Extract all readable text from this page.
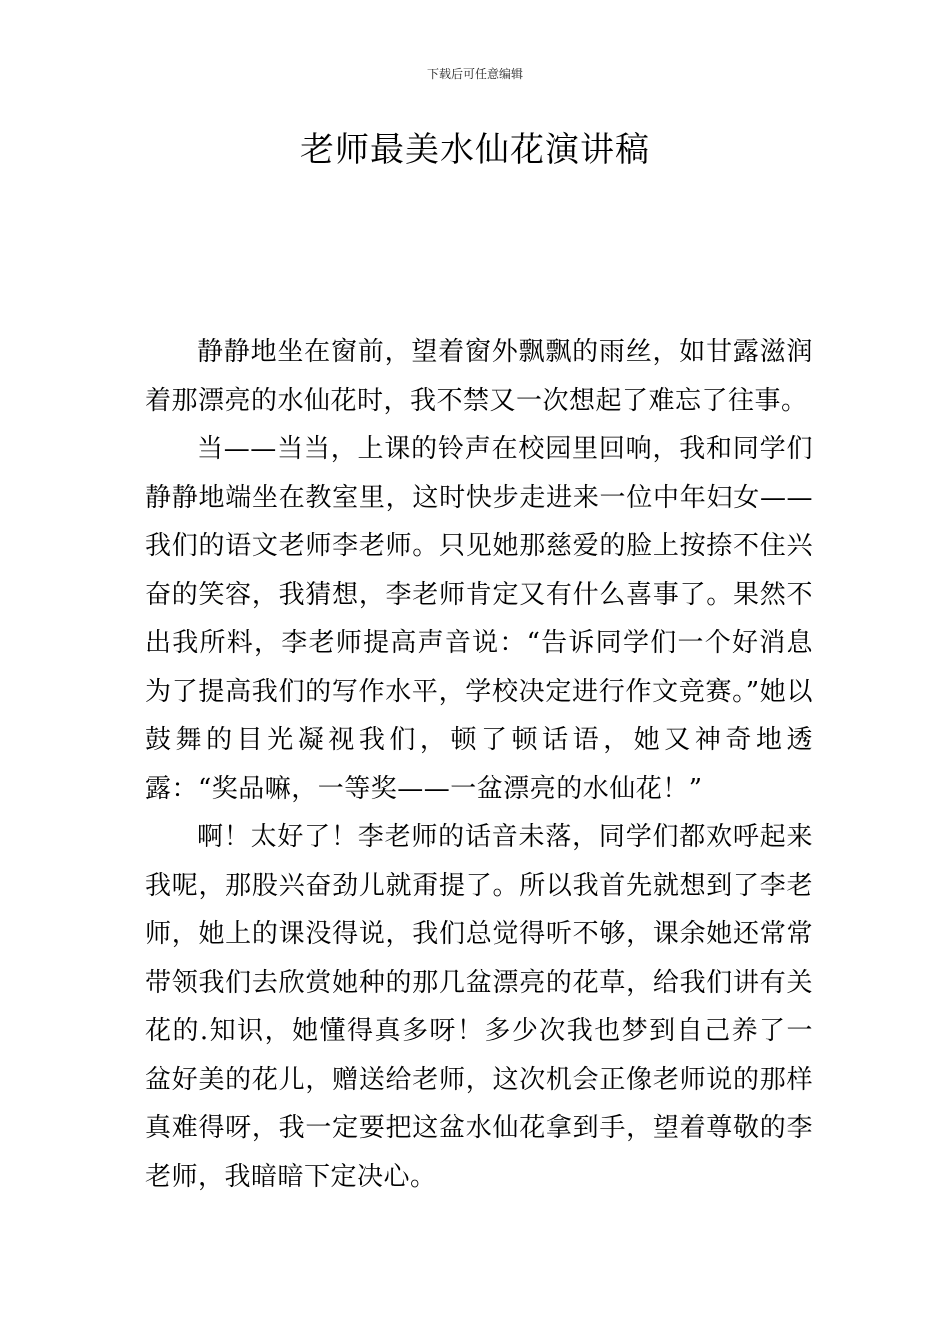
下载后可任意编辑
老师最美水仙花演讲稿

静静地坐在窗前，望着窗外飘飘的雨丝，如甘露滋润着那漂亮的水仙花时，我不禁又一次想起了难忘了往事。

当——当当，上课的铃声在校园里回响，我和同学们静静地端坐在教室里，这时快步走进来一位中年妇女——我们的语文老师李老师。只见她那慈爱的脸上按捺不住兴奋的笑容，我猜想，李老师肯定又有什么喜事了。果然不出我所料，李老师提高声音说：“告诉同学们一个好消息为了提高我们的写作水平，学校决定进行作文竞赛。”她以鼓舞的目光凝视我们，顿了顿话语，她又神奇地透露：“奖品嘛，一等奖——一盆漂亮的水仙花！”

啊！太好了！李老师的话音未落，同学们都欢呼起来我呢，那股兴奋劲儿就甭提了。所以我首先就想到了李老师，她上的课没得说，我们总觉得听不够，课余她还常常带领我们去欣赏她种的那几盆漂亮的花草，给我们讲有关花的.知识，她懂得真多呀！多少次我也梦到自己养了一盆好美的花儿，赠送给老师，这次机会正像老师说的那样真难得呀，我一定要把这盆水仙花拿到手，望着尊敬的李老师，我暗暗下定决心。
